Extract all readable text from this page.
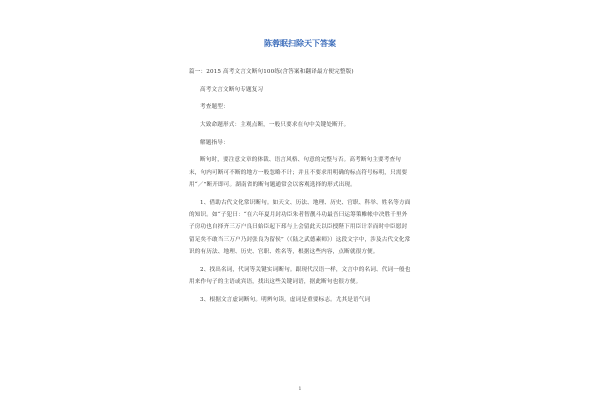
陈蓉眠扫除天下答案

篇一：2015 高考文言文断句100练(含答案和翻译最方便完整版)

高考文言文断句专题复习

考查题型：

大致命题形式：主观点断，一般只要求在句中关键处断开。

解题指导：

断句时，要注意文章的体裁、语言风格、句意的完整与否。高考断句主要考查句末，句内可断可不断的地方一般忽略不计；并且不要求用明确的标点符号标明，只需要用“／”断开即可。湖南省的断句题通常会以客观选择的形式出现。

1、借助古代文化常识断句。如天文、历法、地理、历史、官职、科举、姓名等方面的知识。如“子犯曰：“在六年夏月封功臣朱者智靓斗功最吾曰运筹策帷帐中决胜千里外子房功也自择齐三万户良曰始臣起下邳与上会留此天以臣授陛下用臣计幸而时中臣愿封留足矣不敢当三万户乃封张良为留侯”（《陆之武德素师》）这段文字中，涉及古代文化常识的有历法、地理、历史、官职、姓名等，根据这些内容，点断就很方便。

2、找出名词，代词等关键实词断句。跟现代汉语一样，文言中的名词、代词一般也用来作句子的主语或宾语，找出这些关键词语，据此断句也很方便。

3、根据文言虚词断句。明辨句读，虚词是重要标志。尤其是语气词

1
